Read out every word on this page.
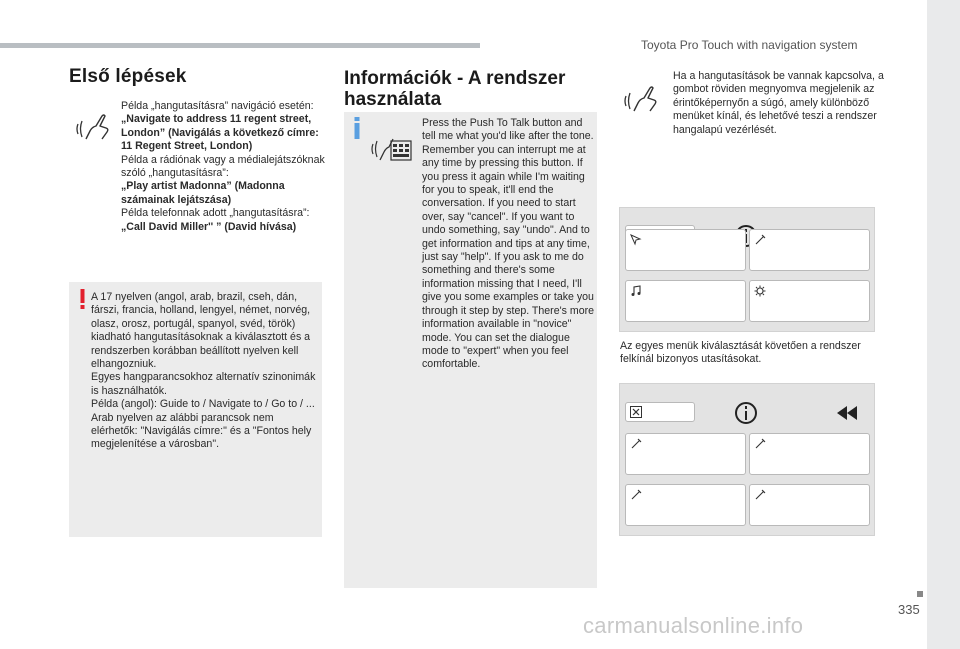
Toyota Pro Touch with navigation system
Első lépések
Példa „hangutasításra” navigáció esetén:
„Navigate to address 11 regent street, London” (Navigálás a következő címre: 11 Regent Street, London)
Példa a rádiónak vagy a médialejátszóknak szóló „hangutasításra”:
„Play artist Madonna” (Madonna számainak lejátszása)
Példa telefonnak adott „hangutasításra”:
„Call David Miller'' ” (David hívása)
A 17 nyelven (angol, arab, brazil, cseh, dán, fárszi, francia, holland, lengyel, német, norvég, olasz, orosz, portugál, spanyol, svéd, török) kiadható hangutasításoknak a kiválasztott és a rendszerben korábban beállított nyelven kell elhangozniuk.
Egyes hangparancsokhoz alternatív szinonimák is használhatók.
Példa (angol): Guide to / Navigate to / Go to / ...
Arab nyelven az alábbi parancsok nem elérhetők: "Navigálás címre:" és a "Fontos hely megjelenítése a városban".
Információk - A rendszer
használata
Press the Push To Talk button and tell me what you'd like after the tone. Remember you can interrupt me at any time by pressing this button. If you press it again while I'm waiting for you to speak, it'll end the conversation. If you need to start over, say "cancel". If you want to undo something, say "undo". And to get information and tips at any time, just say "help". If you ask to me do something and there's some information missing that I need, I'll give you some examples or take you through it step by step. There's more information available in "novice" mode. You can set the dialogue mode to "expert" when you feel comfortable.
Ha a hangutasítások be vannak kapcsolva, a gombot röviden megnyomva megjelenik az érintőképernyőn a súgó, amely különböző menüket kínál, és lehetővé teszi a rendszer hangalapú vezérlését.
Az egyes menük kiválasztását követően a rendszer felkínál bizonyos utasításokat.
335
carmanualsonline.info
